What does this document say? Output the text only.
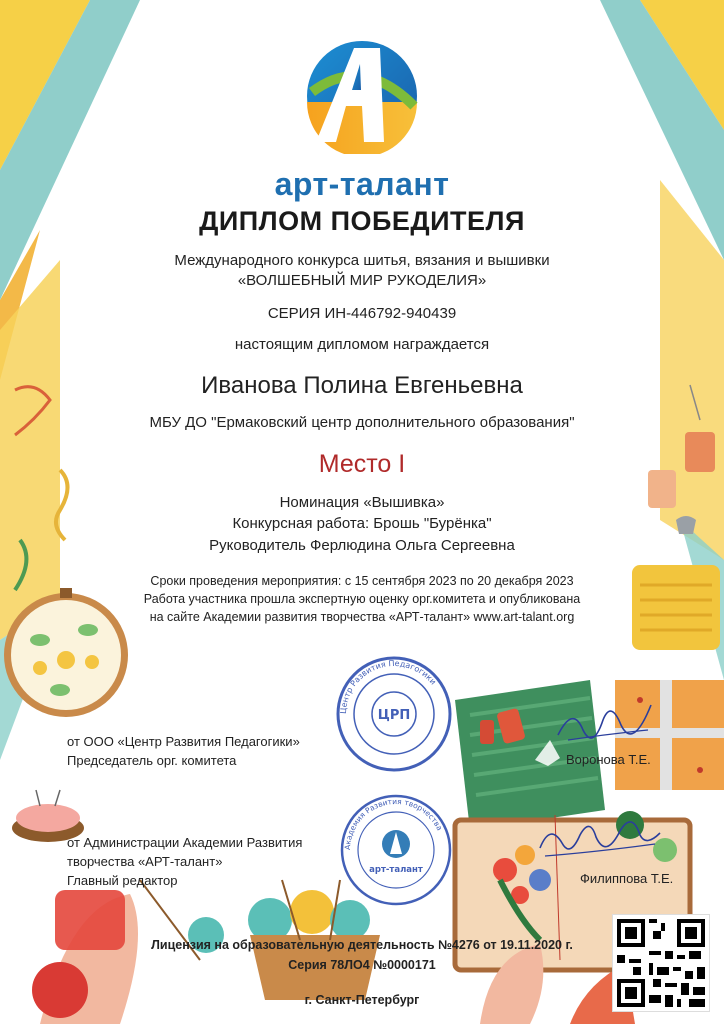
арт-талант
ДИПЛОМ ПОБЕДИТЕЛЯ
Международного конкурса шитья, вязания и вышивки
«ВОЛШЕБНЫЙ МИР РУКОДЕЛИЯ»
СЕРИЯ ИН-446792-940439
настоящим дипломом награждается
Иванова Полина Евгеньевна
МБУ ДО "Ермаковский центр дополнительного образования"
Место I
Номинация «Вышивка»
Конкурсная работа: Брошь "Бурёнка"
Руководитель Ферлюдина Ольга Сергеевна
Сроки проведения мероприятия: с 15 сентября 2023 по 20 декабря 2023
Работа участника прошла экспертную оценку орг.комитета и опубликована
на сайте Академии развития творчества «АРТ-талант» www.art-talant.org
Центр Развития Педагогики
ЦРП
Академия Развития творчества
арт-талант
от ООО «Центр Развития Педагогики»
Председатель орг. комитета	Воронова Т.Е.
от Администрации Академии Развития
творчества «АРТ-талант»
Главный редактор	Филиппова Т.Е.
Лицензия на образовательную деятельность №4276 от 19.11.2020 г.
Серия 78ЛО4 №0000171
г. Санкт-Петербург
